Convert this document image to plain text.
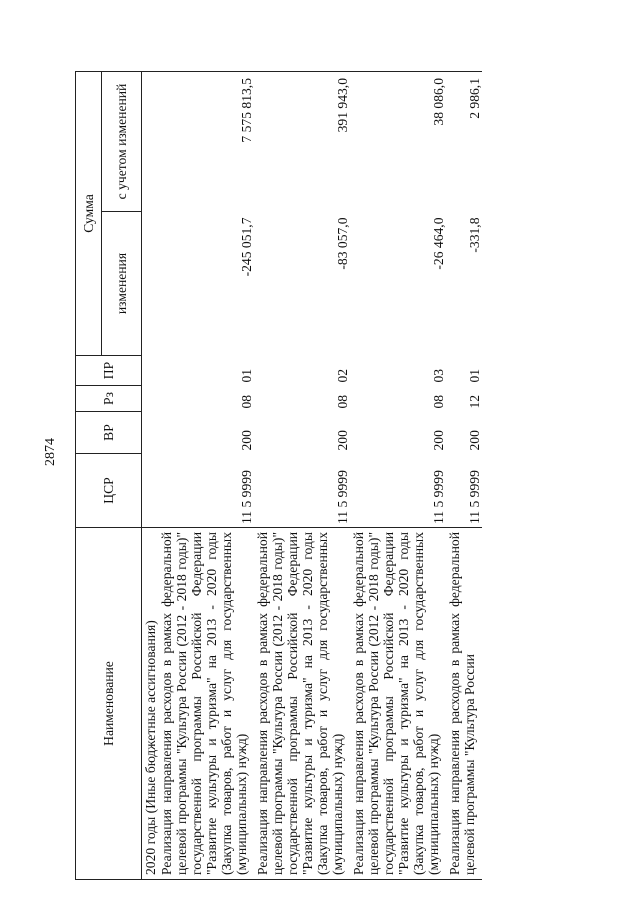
2874
Наименование	ЦСР	ВР	Рз	ПР	Сумма	
					изменения	с учетом изменений
2020 годы (Иные бюджетные ассигнования)						
Реализация направления расходов в рамках федеральной целевой программы "Культура России (2012 - 2018 годы)" государственной программы Российской Федерации "Развитие культуры и туризма" на 2013 - 2020 годы (Закупка товаров, работ и услуг для государственных (муниципальных) нужд)	11 5 9999	200	08	01	-245 051,7	7 575 813,5
Реализация направления расходов в рамках федеральной целевой программы "Культура России (2012 - 2018 годы)" государственной программы Российской Федерации "Развитие культуры и туризма" на 2013 - 2020 годы (Закупка товаров, работ и услуг для государственных (муниципальных) нужд)	11 5 9999	200	08	02	-83 057,0	391 943,0
Реализация направления расходов в рамках федеральной целевой программы "Культура России (2012 - 2018 годы)" государственной программы Российской Федерации "Развитие культуры и туризма" на 2013 - 2020 годы (Закупка товаров, работ и услуг для государственных (муниципальных) нужд)	11 5 9999	200	08	03	-26 464,0	38 086,0
Реализация направления расходов в рамках федеральной целевой программы "Культура России	11 5 9999	200	12	01	-331,8	2 986,1
